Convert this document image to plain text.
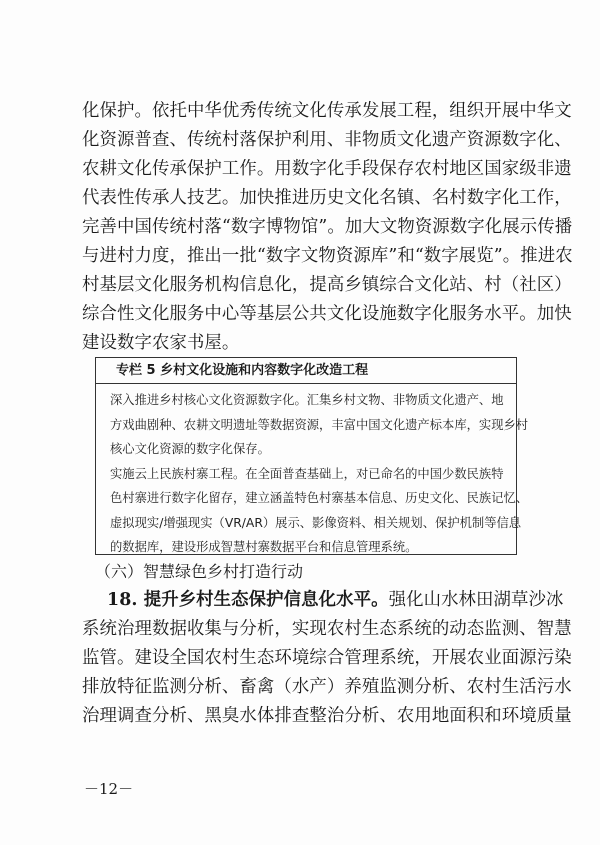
化保护。依托中华优秀传统文化传承发展工程，组织开展中华文
化资源普查、传统村落保护利用、非物质文化遗产资源数字化、
农耕文化传承保护工作。用数字化手段保存农村地区国家级非遗
代表性传承人技艺。加快推进历史文化名镇、名村数字化工作，
完善中国传统村落“数字博物馆”。加大文物资源数字化展示传播
与进村力度，推出一批“数字文物资源库”和“数字展览”。推进农
村基层文化服务机构信息化，提高乡镇综合文化站、村（社区）
综合性文化服务中心等基层公共文化设施数字化服务水平。加快
建设数字农家书屋。
专栏 5 乡村文化设施和内容数字化改造工程
深入推进乡村核心文化资源数字化。汇集乡村文物、非物质文化遗产、地
方戏曲剧种、农耕文明遗址等数据资源，丰富中国文化遗产标本库，实现乡村
核心文化资源的数字化保存。
实施云上民族村寨工程。在全面普查基础上，对已命名的中国少数民族特
色村寨进行数字化留存，建立涵盖特色村寨基本信息、历史文化、民族记忆、
虚拟现实/增强现实（VR/AR）展示、影像资料、相关规划、保护机制等信息
的数据库，建设形成智慧村寨数据平台和信息管理系统。
（六）智慧绿色乡村打造行动
18. 提升乡村生态保护信息化水平。强化山水林田湖草沙冰
系统治理数据收集与分析，实现农村生态系统的动态监测、智慧
监管。建设全国农村生态环境综合管理系统，开展农业面源污染
排放特征监测分析、畜禽（水产）养殖监测分析、农村生活污水
治理调查分析、黑臭水体排查整治分析、农用地面积和环境质量
－12－
